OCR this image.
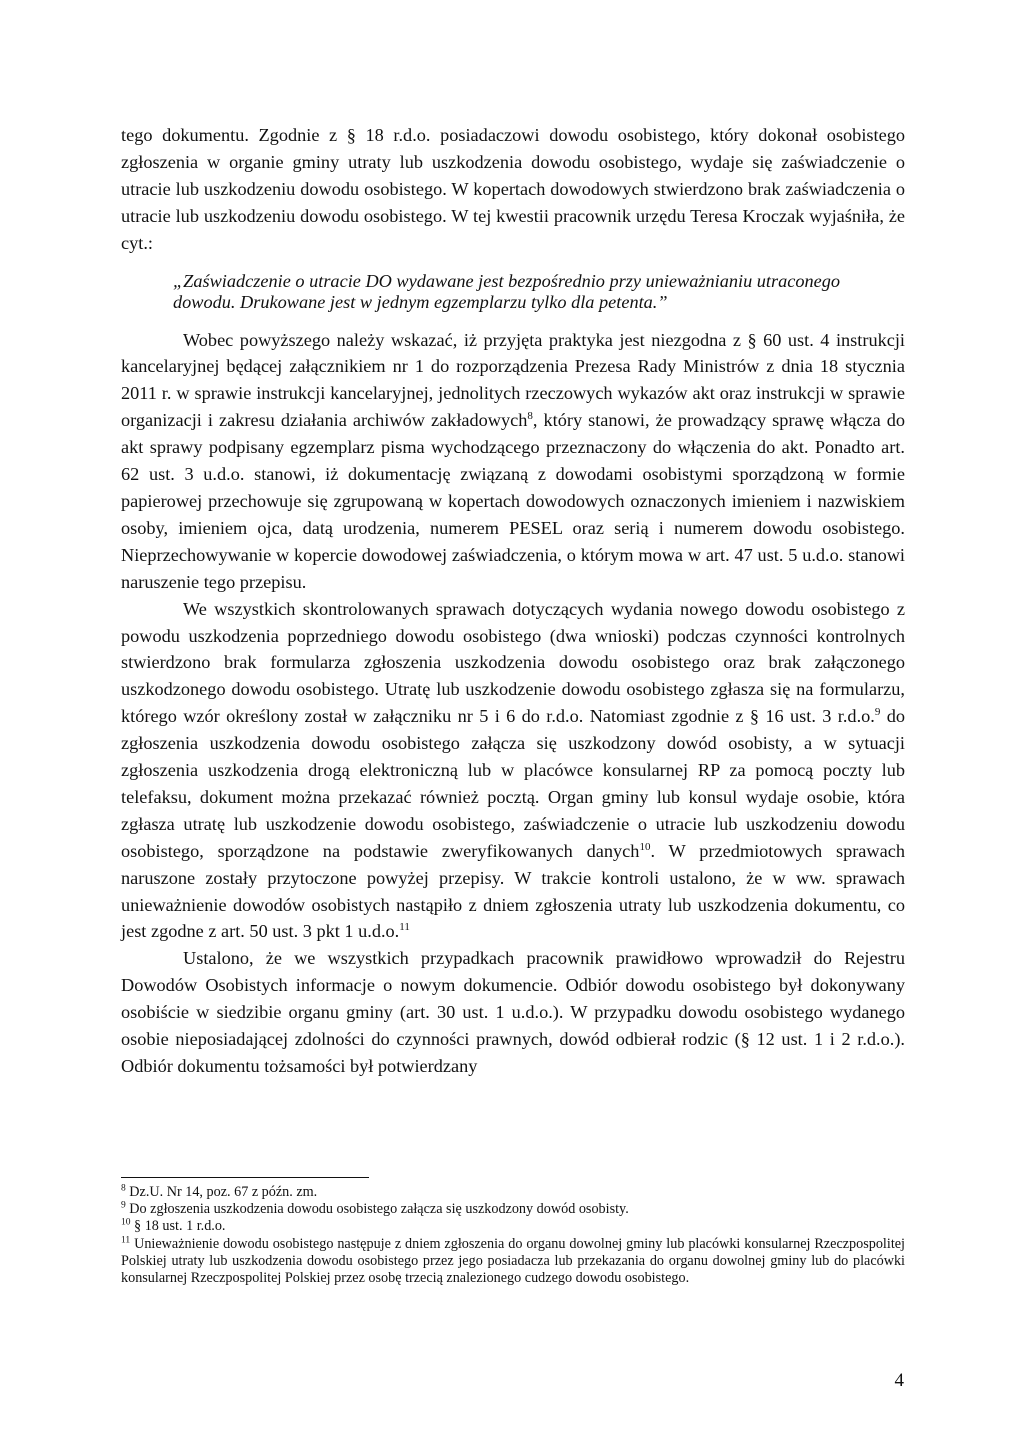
tego dokumentu. Zgodnie z § 18 r.d.o. posiadaczowi dowodu osobistego, który dokonał osobistego zgłoszenia w organie gminy utraty lub uszkodzenia dowodu osobistego, wydaje się zaświadczenie o utracie lub uszkodzeniu dowodu osobistego. W kopertach dowodowych stwierdzono brak zaświadczenia o utracie lub uszkodzeniu dowodu osobistego. W tej kwestii pracownik urzędu Teresa Kroczak wyjaśniła, że cyt.:

„Zaświadczenie o utracie DO wydawane jest bezpośrednio przy unieważnianiu utraconego dowodu. Drukowane jest w jednym egzemplarzu tylko dla petenta.”

Wobec powyższego należy wskazać, iż przyjęta praktyka jest niezgodna z § 60 ust. 4 instrukcji kancelaryjnej będącej załącznikiem nr 1 do rozporządzenia Prezesa Rady Ministrów z dnia 18 stycznia 2011 r. w sprawie instrukcji kancelaryjnej, jednolitych rzeczowych wykazów akt oraz instrukcji w sprawie organizacji i zakresu działania archiwów zakładowych$^8$, który stanowi, że prowadzący sprawę włącza do akt sprawy podpisany egzemplarz pisma wychodzącego przeznaczony do włączenia do akt. Ponadto art. 62 ust. 3 u.d.o. stanowi, iż dokumentację związaną z dowodami osobistymi sporządzoną w formie papierowej przechowuje się zgrupowaną w kopertach dowodowych oznaczonych imieniem i nazwiskiem osoby, imieniem ojca, datą urodzenia, numerem PESEL oraz serią i numerem dowodu osobistego. Nieprzechowywanie w kopercie dowodowej zaświadczenia, o którym mowa w art. 47 ust. 5 u.d.o. stanowi naruszenie tego przepisu.

We wszystkich skontrolowanych sprawach dotyczących wydania nowego dowodu osobistego z powodu uszkodzenia poprzedniego dowodu osobistego (dwa wnioski) podczas czynności kontrolnych stwierdzono brak formularza zgłoszenia uszkodzenia dowodu osobistego oraz brak załączonego uszkodzonego dowodu osobistego. Utratę lub uszkodzenie dowodu osobistego zgłasza się na formularzu, którego wzór określony został w załączniku nr 5 i 6 do r.d.o. Natomiast zgodnie z § 16 ust. 3 r.d.o.$^9$ do zgłoszenia uszkodzenia dowodu osobistego załącza się uszkodzony dowód osobisty, a w sytuacji zgłoszenia uszkodzenia drogą elektroniczną lub w placówce konsularnej RP za pomocą poczty lub telefaksu, dokument można przekazać również pocztą. Organ gminy lub konsul wydaje osobie, która zgłasza utratę lub uszkodzenie dowodu osobistego, zaświadczenie o utracie lub uszkodzeniu dowodu osobistego, sporządzone na podstawie zweryfikowanych danych$^{10}$. W przedmiotowych sprawach naruszone zostały przytoczone powyżej przepisy. W trakcie kontroli ustalono, że w ww. sprawach unieważnienie dowodów osobistych nastąpiło z dniem zgłoszenia utraty lub uszkodzenia dokumentu, co jest zgodne z art. 50 ust. 3 pkt 1 u.d.o.$^{11}$

Ustalono, że we wszystkich przypadkach pracownik prawidłowo wprowadził do Rejestru Dowodów Osobistych informacje o nowym dokumencie. Odbiór dowodu osobistego był dokonywany osobiście w siedzibie organu gminy (art. 30 ust. 1 u.d.o.). W przypadku dowodu osobistego wydanego osobie nieposiadającej zdolności do czynności prawnych, dowód odbierał rodzic (§ 12 ust. 1 i 2 r.d.o.). Odbiór dokumentu tożsamości był potwierdzany

$^8$ Dz.U. Nr 14, poz. 67 z późn. zm.

$^9$ Do zgłoszenia uszkodzenia dowodu osobistego załącza się uszkodzony dowód osobisty.

$^{10}$ § 18 ust. 1 r.d.o.

$^{11}$ Unieważnienie dowodu osobistego następuje z dniem zgłoszenia do organu dowolnej gminy lub placówki konsularnej Rzeczpospolitej Polskiej utraty lub uszkodzenia dowodu osobistego przez jego posiadacza lub przekazania do organu dowolnej gminy lub do placówki konsularnej Rzeczpospolitej Polskiej przez osobę trzecią znalezionego cudzego dowodu osobistego.

4
